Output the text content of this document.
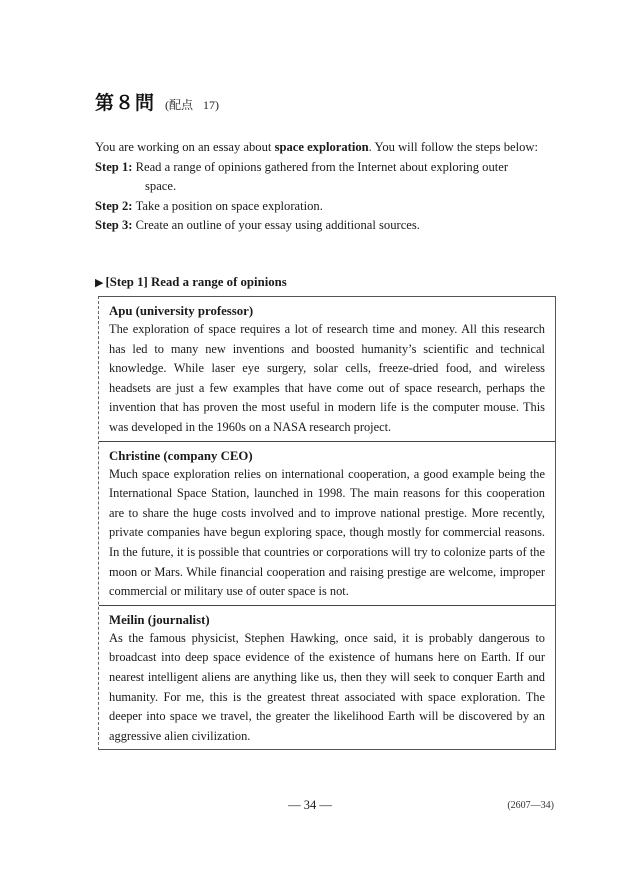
第８問 (配点 17)

You are working on an essay about space exploration. You will follow the steps below:

Step 1:
Read a range of opinions gathered from the Internet about exploring outer
space.
Step 2:
Take a position on space exploration.
Step 3:
Create an outline of your essay using additional sources.
▶ [Step 1] Read a range of opinions
Apu (university professor)

The exploration of space requires a lot of research time and money. All this research has led to many new inventions and boosted humanity’s scientific and technical knowledge. While laser eye surgery, solar cells, freeze-dried food, and wireless headsets are just a few examples that have come out of space research, perhaps the invention that has proven the most useful in modern life is the computer mouse. This was developed in the 1960s on a NASA research project.

Christine (company CEO)

Much space exploration relies on international cooperation, a good example being the International Space Station, launched in 1998. The main reasons for this cooperation are to share the huge costs involved and to improve national prestige. More recently, private companies have begun exploring space, though mostly for commercial reasons. In the future, it is possible that countries or corporations will try to colonize parts of the moon or Mars. While financial cooperation and raising prestige are welcome, improper commercial or military use of outer space is not.

Meilin (journalist)

As the famous physicist, Stephen Hawking, once said, it is probably dangerous to broadcast into deep space evidence of the existence of humans here on Earth. If our nearest intelligent aliens are anything like us, then they will seek to conquer Earth and humanity. For me, this is the greatest threat associated with space exploration. The deeper into space we travel, the greater the likelihood Earth will be discovered by an aggressive alien civilization.

— 34 —	(2607—34)
